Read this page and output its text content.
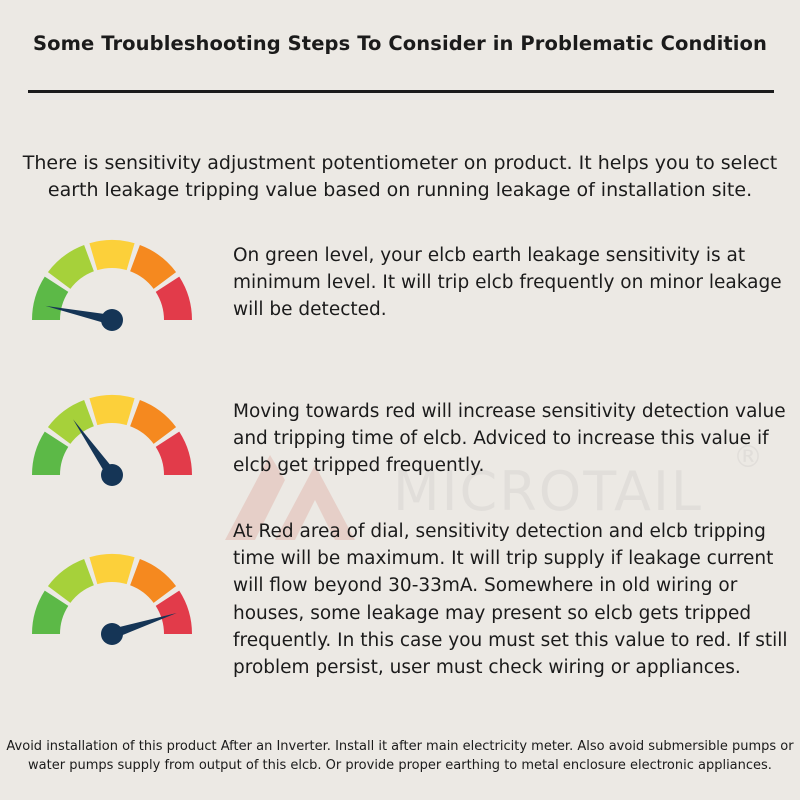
Some Troubleshooting Steps To Consider in Problematic Condition
There is sensitivity adjustment potentiometer on product. It helps you to select earth leakage tripping value based on running leakage of installation site.
MICROTAIL
®
On green level, your elcb earth leakage sensitivity is at minimum level. It will trip elcb frequently on minor leakage will be detected.
Moving towards red will increase sensitivity detection value and tripping time of elcb. Adviced to increase this value if elcb get tripped frequently.
At Red area of dial, sensitivity detection and elcb tripping time will be maximum. It will trip supply if leakage current will flow beyond 30-33mA. Somewhere in old wiring or houses, some leakage may present so elcb gets tripped frequently. In this case you must set this value to red. If still problem persist, user must check wiring or appliances.
Avoid installation of this product After an Inverter. Install it after main electricity meter. Also avoid submersible pumps or water pumps supply from output of this elcb. Or provide proper earthing to metal enclosure electronic appliances.
